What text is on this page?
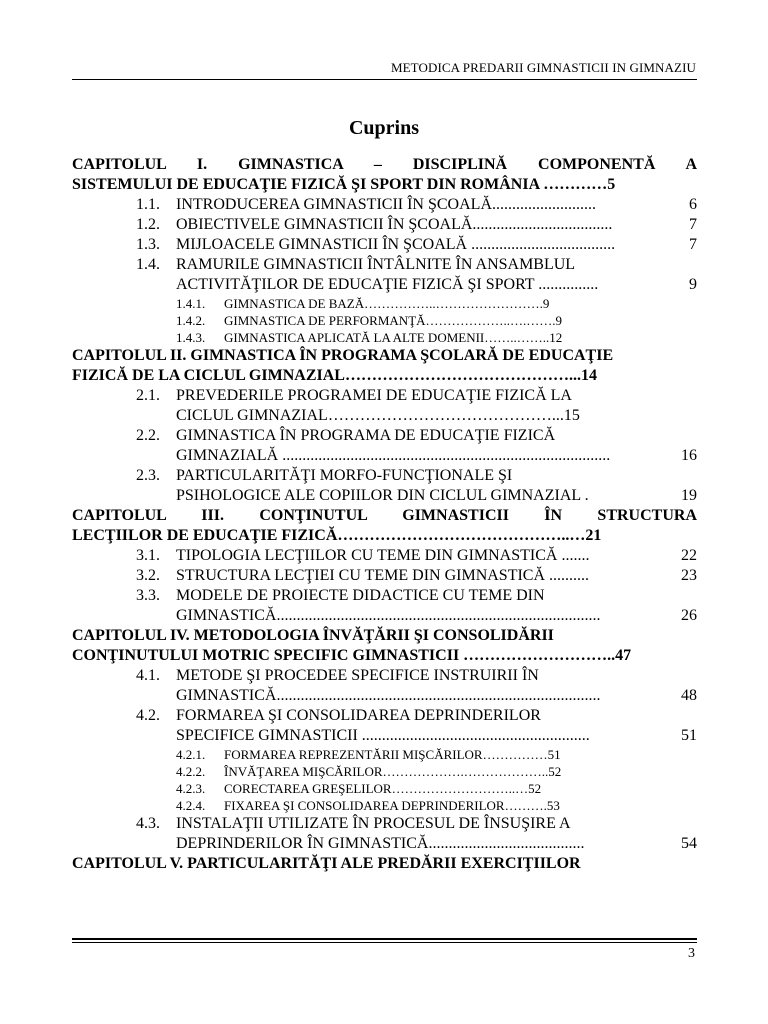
METODICA PREDARII GIMNASTICII IN GIMNAZIU
Cuprins
CAPITOLUL I. GIMNASTICA – DISCIPLINĂ COMPONENTĂ A
SISTEMULUI DE EDUCAŢIE FIZICĂ ŞI SPORT DIN ROMÂNIA …………5
1.1. INTRODUCEREA GIMNASTICII ÎN ŞCOALĂ..........................	6
1.2. OBIECTIVELE GIMNASTICII ÎN ŞCOALĂ...................................	7
1.3. MIJLOACELE GIMNASTICII ÎN ŞCOALĂ ....................................	7
1.4. RAMURILE GIMNASTICII ÎNTÂLNITE ÎN ANSAMBLUL
ACTIVITĂŢILOR DE EDUCAŢIE FIZICĂ ŞI SPORT ...............	9
1.4.1. GIMNASTICA DE BAZĂ……………..…………………….9
1.4.2. GIMNASTICA DE PERFORMANŢĂ………………..….…….9
1.4.3. GIMNASTICA APLICATĂ LA ALTE DOMENII……..……..12
CAPITOLUL II. GIMNASTICA ÎN PROGRAMA ŞCOLARĂ DE EDUCAŢIE
FIZICĂ DE LA CICLUL GIMNAZIAL……………………………………...14
2.1. PREVEDERILE PROGRAMEI DE EDUCAŢIE FIZICĂ LA
CICLUL GIMNAZIAL……………………………………...15
2.2. GIMNASTICA ÎN PROGRAMA DE EDUCAŢIE FIZICĂ
GIMNAZIALĂ ..................................................................................	16
2.3. PARTICULARITĂŢI MORFO-FUNCŢIONALE ŞI
PSIHOLOGICE ALE COPIILOR DIN CICLUL GIMNAZIAL .	19
CAPITOLUL III. CONŢINUTUL GIMNASTICII ÎN STRUCTURA
LECŢIILOR DE EDUCAŢIE FIZICĂ……………………………………..…21
3.1. TIPOLOGIA LECŢIILOR CU TEME DIN GIMNASTICĂ .......	22
3.2. STRUCTURA LECŢIEI CU TEME DIN GIMNASTICĂ ..........	23
3.3. MODELE DE PROIECTE DIDACTICE CU TEME DIN
GIMNASTICĂ.................................................................................	26
CAPITOLUL IV. METODOLOGIA ÎNVĂŢĂRII ŞI CONSOLIDĂRII
CONŢINUTULUI MOTRIC SPECIFIC GIMNASTICII ………………………..47
4.1. METODE ŞI PROCEDEE SPECIFICE INSTRUIRII ÎN
GIMNASTICĂ.................................................................................	48
4.2. FORMAREA ŞI CONSOLIDAREA DEPRINDERILOR
SPECIFICE GIMNASTICII .........................................................	51
4.2.1. FORMAREA REPREZENTĂRII MIŞCĂRILOR……………51
4.2.2. ÎNVĂŢAREA MIŞCĂRILOR……………….………………..52
4.2.3. CORECTAREA GREŞELILOR………………………..…52
4.2.4. FIXAREA ŞI CONSOLIDAREA DEPRINDERILOR……….53
4.3. INSTALAŢII UTILIZATE ÎN PROCESUL DE ÎNSUŞIRE A
DEPRINDERILOR ÎN GIMNASTICĂ.......................................	54
CAPITOLUL V. PARTICULARITĂŢI ALE PREDĂRII EXERCIŢIILOR
3
